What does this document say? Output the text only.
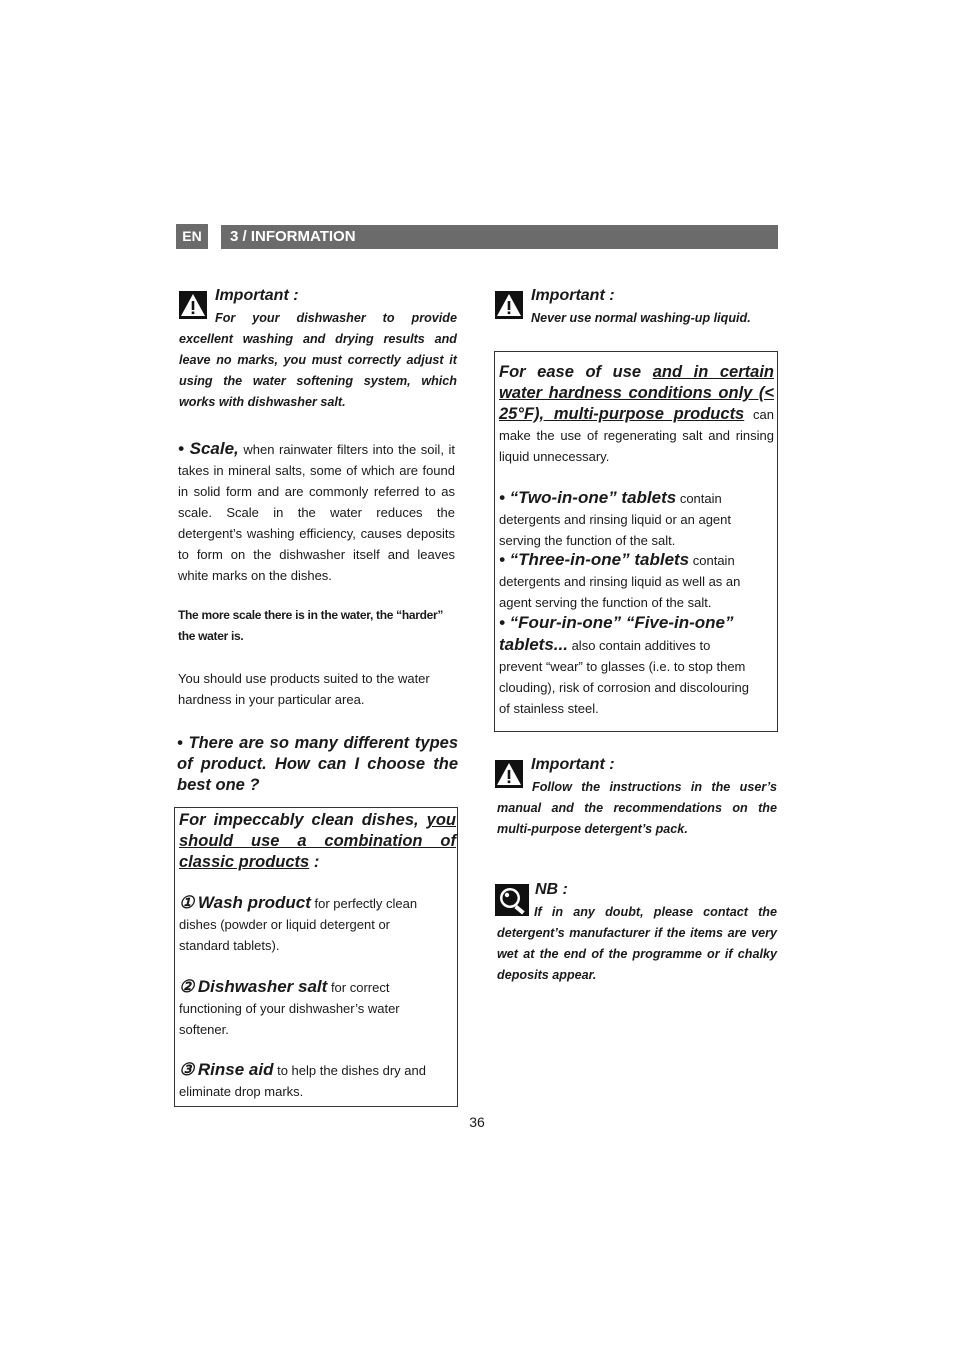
EN	3 / INFORMATION
Important :
For your dishwasher to provide excellent washing and drying results and leave no marks, you must correctly adjust it using the water softening system, which works with dishwasher salt.
• Scale, when rainwater filters into the soil, it takes in mineral salts, some of which are found in solid form and are commonly referred to as scale. Scale in the water reduces the detergent’s washing efficiency, causes deposits to form on the dishwasher itself and leaves white marks on the dishes.
The more scale there is in the water, the “harder” the water is.
You should use products suited to the water hardness in your particular area.
• There are so many different types of product. How can I choose the best one ?
For impeccably clean dishes, you should use a combination of classic products :
① Wash product for perfectly clean dishes (powder or liquid detergent or standard tablets).
② Dishwasher salt for correct functioning of your dishwasher’s water softener.
③ Rinse aid to help the dishes dry and eliminate drop marks.
Important :
Never use normal washing-up liquid.
For ease of use and in certain water hardness conditions only (< 25°F), multi-purpose products can make the use of regenerating salt and rinsing liquid unnecessary.
• “Two-in-one” tablets contain detergents and rinsing liquid or an agent serving the function of the salt.
• “Three-in-one” tablets contain detergents and rinsing liquid as well as an agent serving the function of the salt.
• “Four-in-one” “Five-in-one” tablets... also contain additives to prevent “wear” to glasses (i.e. to stop them clouding), risk of corrosion and discolouring of stainless steel.
Important :
Follow the instructions in the user’s manual and the recommendations on the multi-purpose detergent’s pack.
NB :
If in any doubt, please contact the detergent’s manufacturer if the items are very wet at the end of the programme or if chalky deposits appear.
36
